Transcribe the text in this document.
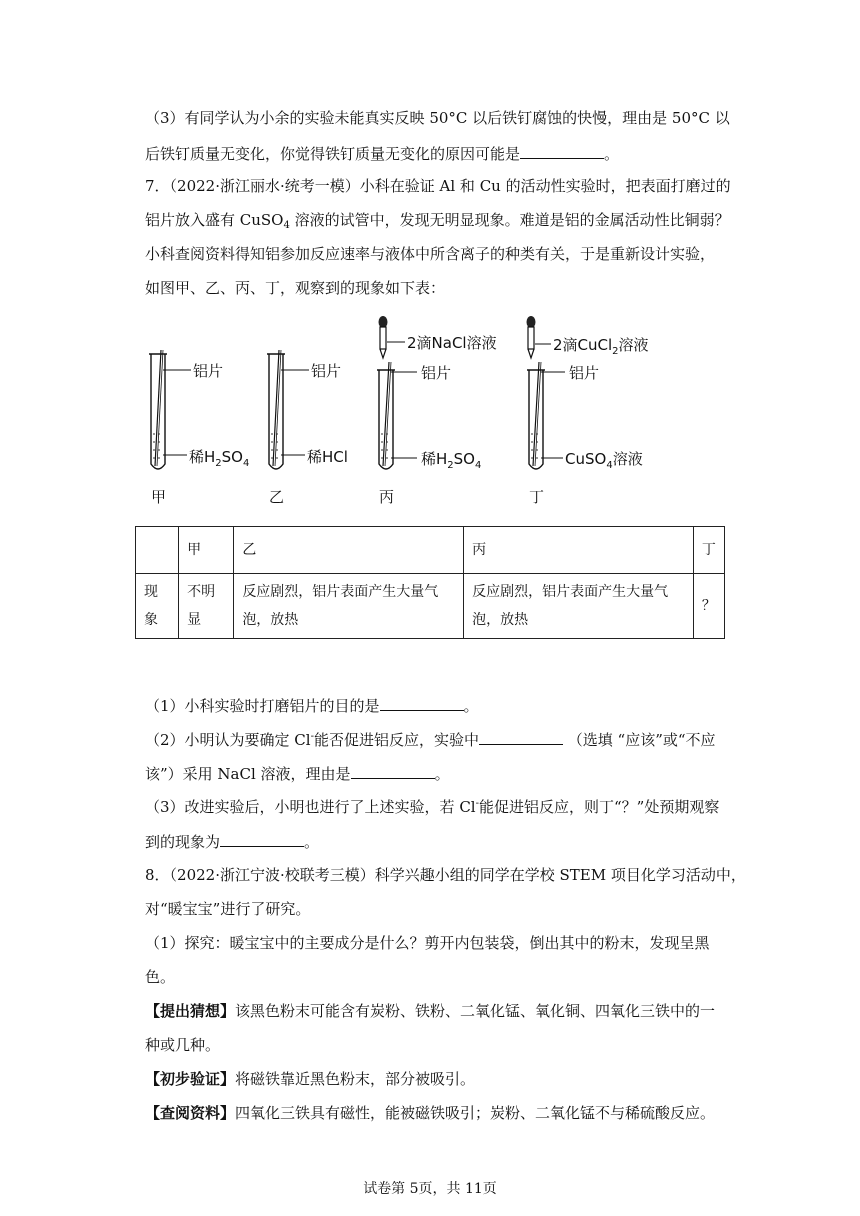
（3）有同学认为小余的实验未能真实反映 50°C 以后铁钉腐蚀的快慢，理由是 50°C 以
后铁钉质量无变化，你觉得铁钉质量无变化的原因可能是	。
7．（2022·浙江丽水·统考一模）小科在验证 Al 和 Cu 的活动性实验时，把表面打磨过的
铝片放入盛有 CuSO$_4$ 溶液的试管中，发现无明显现象。难道是铝的金属活动性比铜弱？
小科查阅资料得知铝参加反应速率与液体中所含离子的种类有关，于是重新设计实验，
如图甲、乙、丙、丁，观察到的现象如下表：
铝片
稀$H_2SO_4$
甲
铝片
稀HCl
乙
2滴NaCl溶液
铝片
稀$H_2SO_4$
丙
2滴CuCl$_2$溶液
铝片
CuSO$_4$溶液
丁
	甲	乙	丙	丁
现象	不明显	反应剧烈，铝片表面产生大量气泡，放热	反应剧烈，铝片表面产生大量气泡，放热	？
（1）小科实验时打磨铝片的目的是	。
（2）小明认为要确定 Cl-能否促进铝反应，实验中	（选填 “应该”或“不应
该”）采用 NaCl 溶液，理由是	。
（3）改进实验后，小明也进行了上述实验，若 Cl-能促进铝反应，则丁“？”处预期观察
到的现象为	。
8．（2022·浙江宁波·校联考三模）科学兴趣小组的同学在学校 STEM 项目化学习活动中，
对“暖宝宝”进行了研究。
（1）探究：暖宝宝中的主要成分是什么？剪开内包装袋，倒出其中的粉末，发现呈黑
色。
【提出猜想】该黑色粉末可能含有炭粉、铁粉、二氧化锰、氧化铜、四氧化三铁中的一
种或几种。
【初步验证】将磁铁靠近黑色粉末，部分被吸引。
【查阅资料】四氧化三铁具有磁性，能被磁铁吸引；炭粉、二氧化锰不与稀硫酸反应。
试卷第 5页，共 11页
